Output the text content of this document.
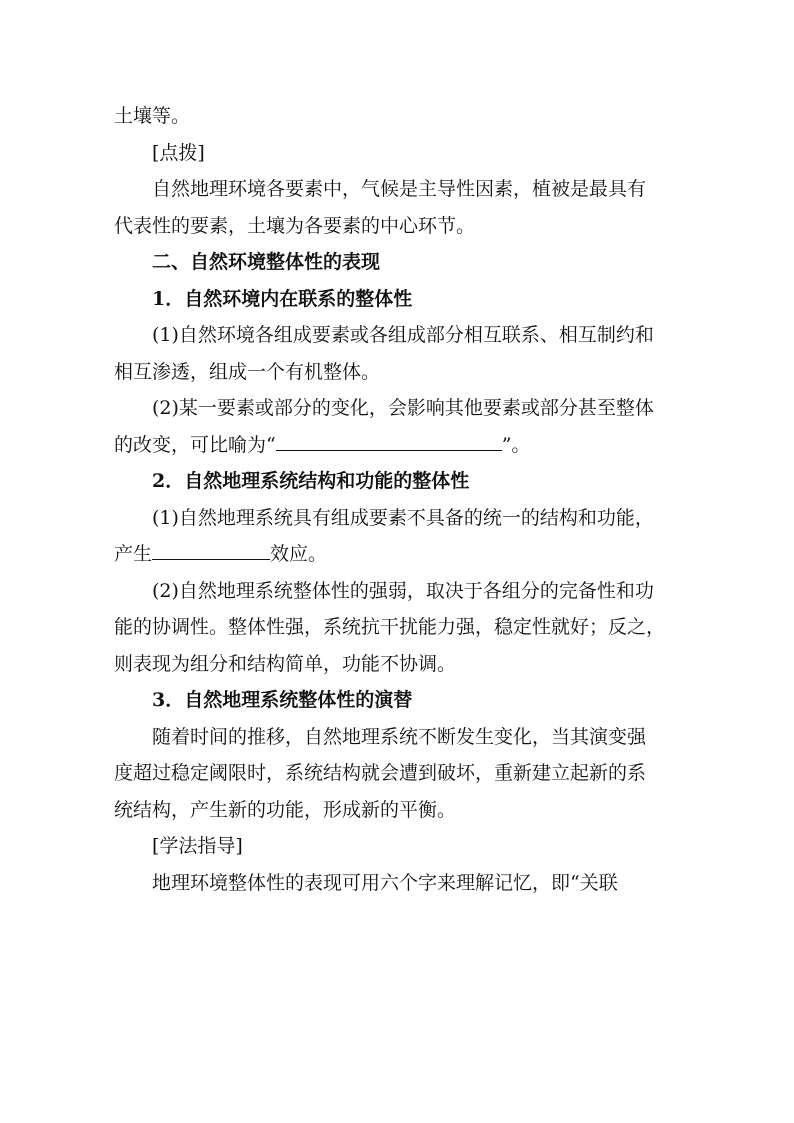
土壤等。
[点拨]
自然地理环境各要素中，气候是主导性因素，植被是最具有
代表性的要素，土壤为各要素的中心环节。
二、自然环境整体性的表现
1．自然环境内在联系的整体性
(1)自然环境各组成要素或各组成部分相互联系、相互制约和
相互渗透，组成一个有机整体。
(2)某一要素或部分的变化，会影响其他要素或部分甚至整体
的改变，可比喻为“	”。
2．自然地理系统结构和功能的整体性
(1)自然地理系统具有组成要素不具备的统一的结构和功能，
产生	效应。
(2)自然地理系统整体性的强弱，取决于各组分的完备性和功
能的协调性。整体性强，系统抗干扰能力强，稳定性就好；反之，
则表现为组分和结构简单，功能不协调。
3．自然地理系统整体性的演替
随着时间的推移，自然地理系统不断发生变化，当其演变强
度超过稳定阈限时，系统结构就会遭到破坏，重新建立起新的系
统结构，产生新的功能，形成新的平衡。
[学法指导]
地理环境整体性的表现可用六个字来理解记忆，即“关联
